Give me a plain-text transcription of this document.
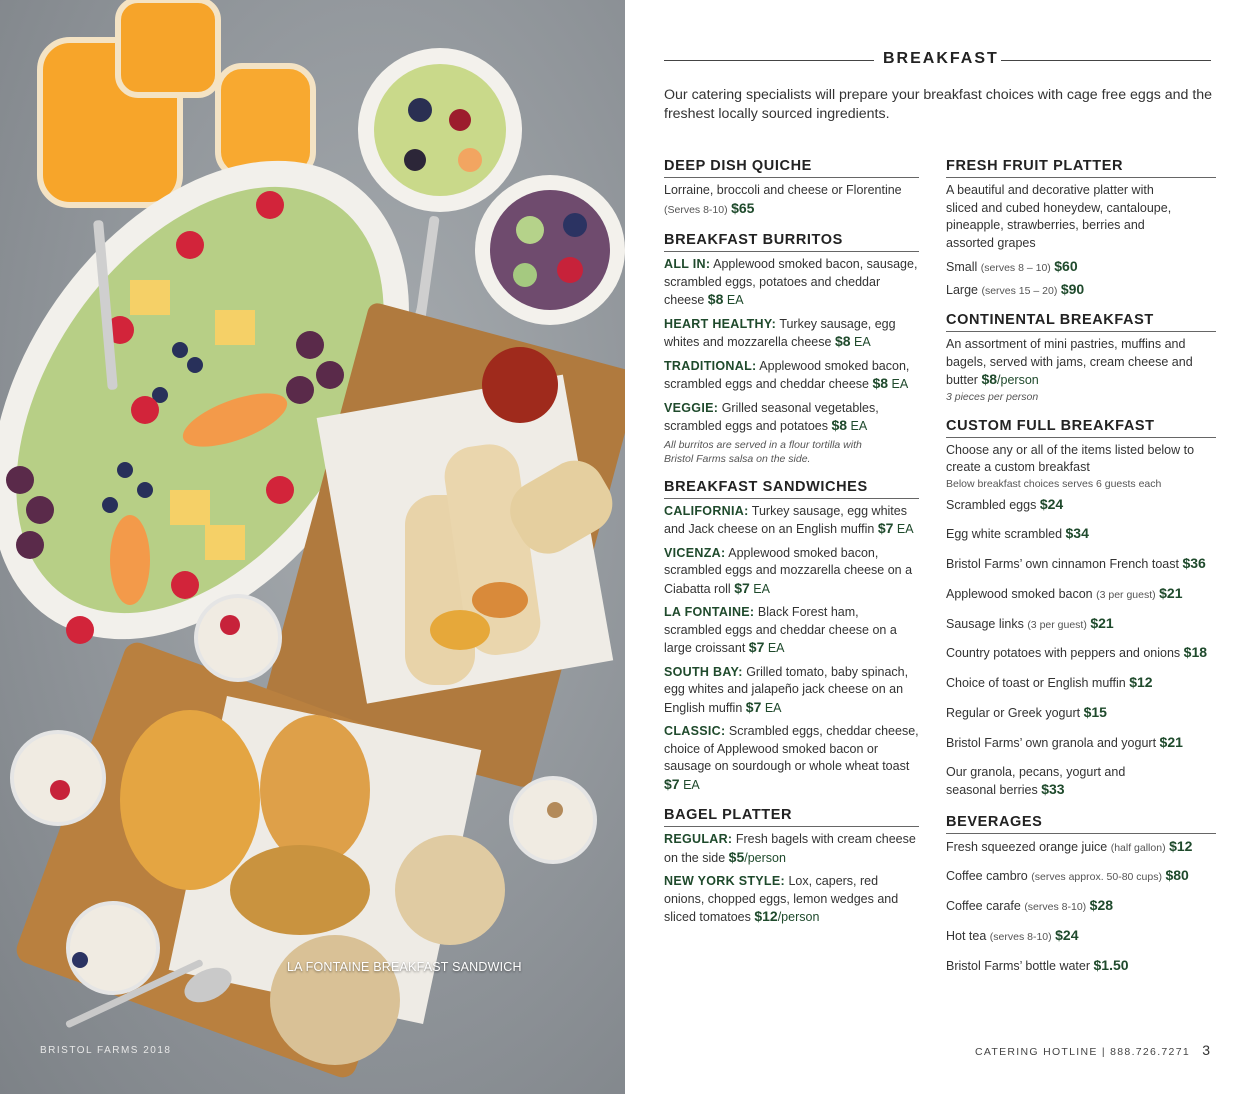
LA FONTAINE BREAKFAST SANDWICH
BRISTOL FARMS 2018
BREAKFAST
Our catering specialists will prepare your breakfast choices with cage free eggs and the freshest locally sourced ingredients.
DEEP DISH QUICHE
Lorraine, broccoli and cheese or Florentine
(Serves 8-10) $65
BREAKFAST BURRITOS
ALL IN: Applewood smoked bacon, sausage, scrambled eggs, potatoes and cheddar cheese $8 EA
HEART HEALTHY: Turkey sausage, egg whites and mozzarella cheese $8 EA
TRADITIONAL: Applewood smoked bacon, scrambled eggs and cheddar cheese $8 EA
VEGGIE: Grilled seasonal vegetables, scrambled eggs and potatoes $8 EA
All burritos are served in a flour tortilla with Bristol Farms salsa on the side.
BREAKFAST SANDWICHES
CALIFORNIA: Turkey sausage, egg whites and Jack cheese on an English muffin $7 EA
VICENZA: Applewood smoked bacon, scrambled eggs and mozzarella cheese on a Ciabatta roll $7 EA
LA FONTAINE: Black Forest ham, scrambled eggs and cheddar cheese on a large croissant $7 EA
SOUTH BAY: Grilled tomato, baby spinach, egg whites and jalapeño jack cheese on an English muffin $7 EA
CLASSIC: Scrambled eggs, cheddar cheese, choice of Applewood smoked bacon or sausage on sourdough or whole wheat toast $7 EA
BAGEL PLATTER
REGULAR: Fresh bagels with cream cheese on the side $5/person
NEW YORK STYLE: Lox, capers, red onions, chopped eggs, lemon wedges and sliced tomatoes $12/person
FRESH FRUIT PLATTER
A beautiful and decorative platter with sliced and cubed honeydew, cantaloupe, pineapple, strawberries, berries and assorted grapes
Small (serves 8 – 10) $60
Large (serves 15 – 20) $90
CONTINENTAL BREAKFAST
An assortment of mini pastries, muffins and bagels, served with jams, cream cheese and butter $8/person
3 pieces per person
CUSTOM FULL BREAKFAST
Choose any or all of the items listed below to create a custom breakfast
Below breakfast choices serves 6 guests each
Scrambled eggs $24
Egg white scrambled $34
Bristol Farms’ own cinnamon French toast $36
Applewood smoked bacon (3 per guest) $21
Sausage links (3 per guest) $21
Country potatoes with peppers and onions $18
Choice of toast or English muffin $12
Regular or Greek yogurt $15
Bristol Farms’ own granola and yogurt $21
Our granola, pecans, yogurt and seasonal berries $33
BEVERAGES
Fresh squeezed orange juice (half gallon) $12
Coffee cambro (serves approx. 50-80 cups) $80
Coffee carafe (serves 8-10) $28
Hot tea (serves 8-10) $24
Bristol Farms’ bottle water $1.50
CATERING HOTLINE | 888.726.7271 3
